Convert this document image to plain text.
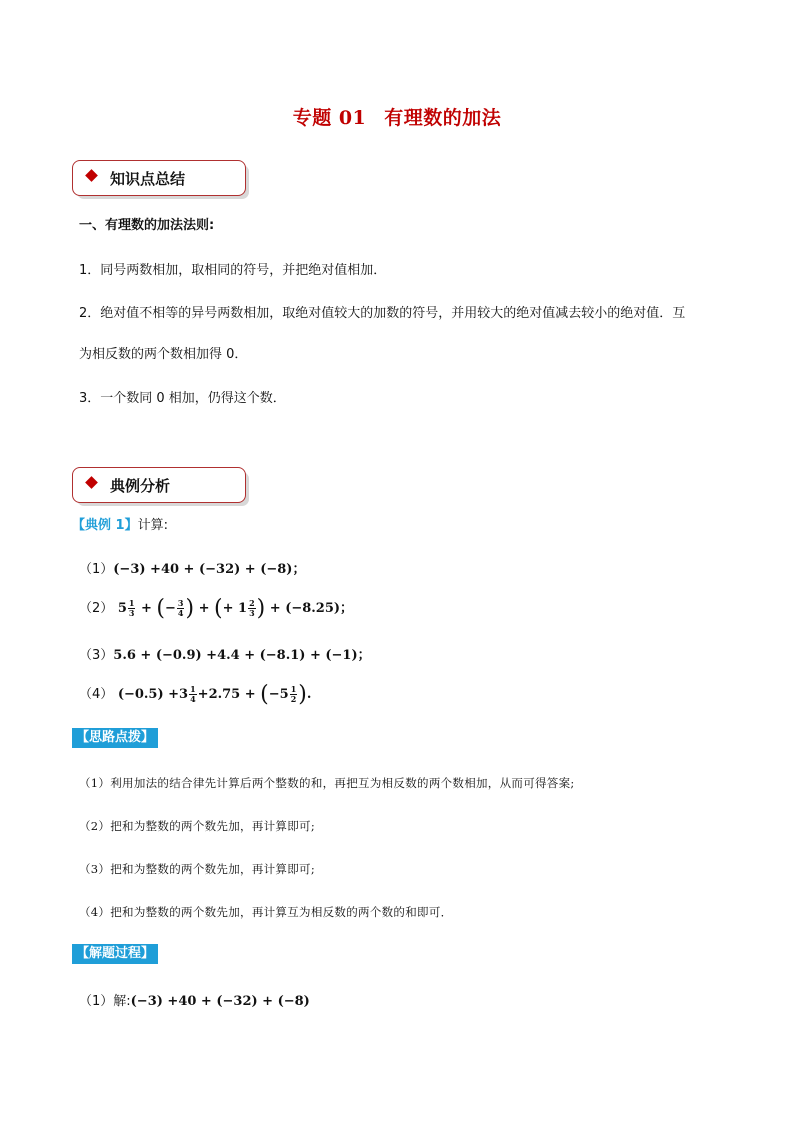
专题 01 有理数的加法
知识点总结
一、有理数的加法法则:
1．同号两数相加，取相同的符号，并把绝对值相加．
2．绝对值不相等的异号两数相加，取绝对值较大的加数的符号，并用较大的绝对值减去较小的绝对值．互
为相反数的两个数相加得 0．
3．一个数同 0 相加，仍得这个数．
典例分析
【典例 1】计算:
（1）(−3) +40 + (−32) + (−8)；
（2） $5 \frac{1}{3}$ + (− $\frac{3}{4}$ ) + (+ $1 \frac{2}{3}$ ) + (−8.25)；
（3）5.6 + (−0.9) +4.4 + (−8.1) + (−1)；
（4） $(-0.5) +3 \frac{1}{4} +2.75 + (-5 \frac{1}{2}$ ).
【思路点拨】
（1）利用加法的结合律先计算后两个整数的和，再把互为相反数的两个数相加，从而可得答案;
（2）把和为整数的两个数先加，再计算即可;
（3）把和为整数的两个数先加，再计算即可;
（4）把和为整数的两个数先加，再计算互为相反数的两个数的和即可．
【解题过程】
（1）解:(−3) +40 + (−32) + (−8)
